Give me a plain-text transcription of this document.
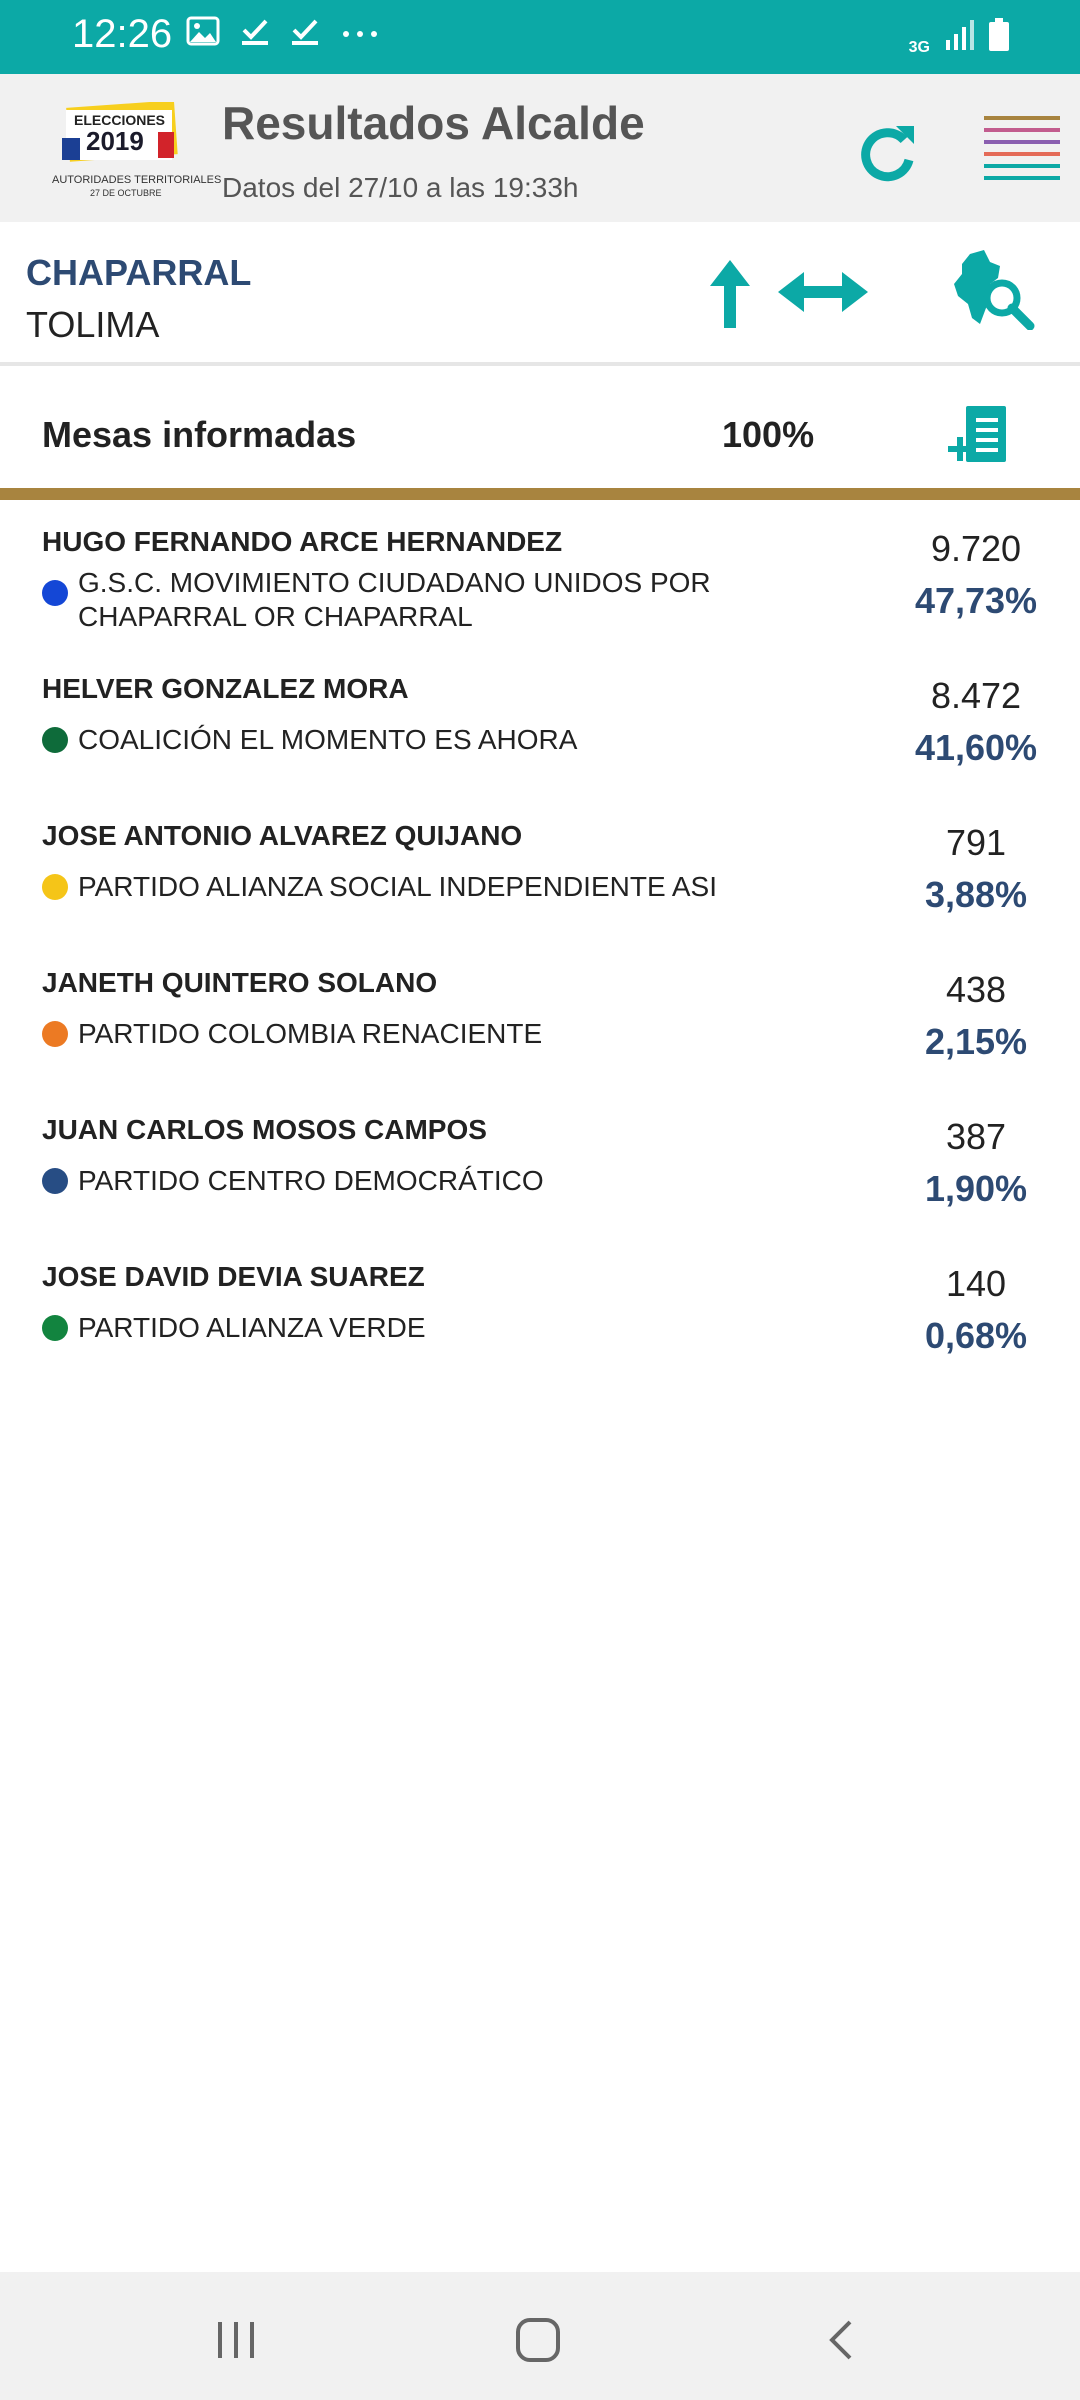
12:26	3G
ELECCIONES
2019
AUTORIDADES TERRITORIALES
27 DE OCTUBRE
Resultados Alcalde
Datos del 27/10 a las 19:33h
CHAPARRAL
TOLIMA
Mesas informadas	100%
HUGO FERNANDO ARCE HERNANDEZ
G.S.C. MOVIMIENTO CIUDADANO UNIDOS POR CHAPARRAL OR CHAPARRAL
9.720
47,73%
HELVER GONZALEZ MORA
COALICIÓN EL MOMENTO ES AHORA
8.472
41,60%
JOSE ANTONIO ALVAREZ QUIJANO
PARTIDO ALIANZA SOCIAL INDEPENDIENTE ASI
791
3,88%
JANETH QUINTERO SOLANO
PARTIDO COLOMBIA RENACIENTE
438
2,15%
JUAN CARLOS MOSOS CAMPOS
PARTIDO CENTRO DEMOCRÁTICO
387
1,90%
JOSE DAVID DEVIA SUAREZ
PARTIDO ALIANZA VERDE
140
0,68%
